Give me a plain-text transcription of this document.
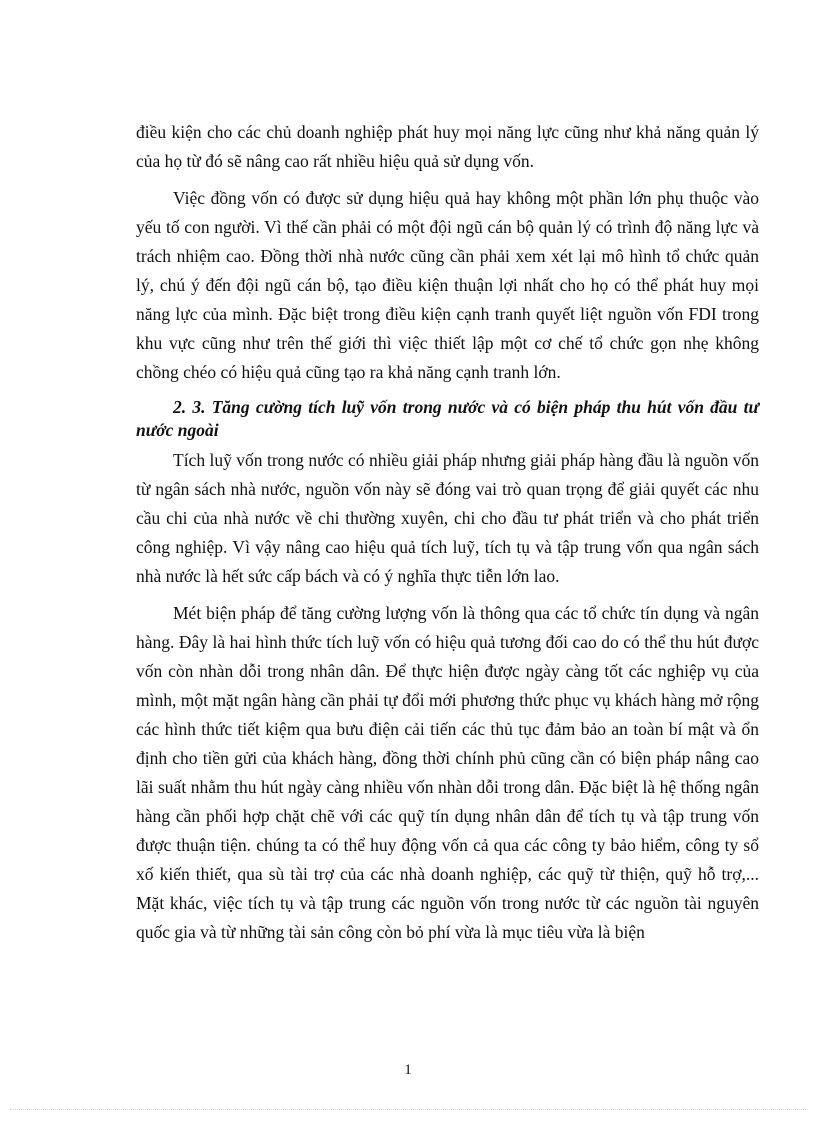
điều kiện cho các chủ doanh nghiệp phát huy mọi năng lực cũng như khả năng quản lý của họ từ đó sẽ nâng cao rất nhiều hiệu quả sử dụng vốn.

Việc đồng vốn có được sử dụng hiệu quả hay không một phần lớn phụ thuộc vào yếu tố con người. Vì thế cần phải có một đội ngũ cán bộ quản lý có trình độ năng lực và trách nhiệm cao. Đồng thời nhà nước cũng cần phải xem xét lại mô hình tổ chức quản lý, chú ý đến đội ngũ cán bộ, tạo điều kiện thuận lợi nhất cho họ có thể phát huy mọi năng lực của mình. Đặc biệt trong điều kiện cạnh tranh quyết liệt nguồn vốn FDI trong khu vực cũng như trên thế giới thì việc thiết lập một cơ chế tổ chức gọn nhẹ không chồng chéo có hiệu quả cũng tạo ra khả năng cạnh tranh lớn.

2. 3. Tăng cường tích luỹ vốn trong nước và có biện pháp thu hút vốn đầu tư nước ngoài

Tích luỹ vốn trong nước có nhiều giải pháp nhưng giải pháp hàng đầu là nguồn vốn từ ngân sách nhà nước, nguồn vốn này sẽ đóng vai trò quan trọng để giải quyết các nhu cầu chi của nhà nước về chi thường xuyên, chi cho đầu tư phát triển và cho phát triển công nghiệp. Vì vậy nâng cao hiệu quả tích luỹ, tích tụ và tập trung vốn qua ngân sách nhà nước là hết sức cấp bách và có ý nghĩa thực tiễn lớn lao.

Mét biện pháp để tăng cường lượng vốn là thông qua các tổ chức tín dụng và ngân hàng. Đây là hai hình thức tích luỹ vốn có hiệu quả tương đối cao do có thể thu hút được vốn còn nhàn dỗi trong nhân dân. Để thực hiện được ngày càng tốt các nghiệp vụ của mình, một mặt ngân hàng cần phải tự đổi mới phương thức phục vụ khách hàng mở rộng các hình thức tiết kiệm qua bưu điện cải tiến các thủ tục đảm bảo an toàn bí mật và ổn định cho tiền gửi của khách hàng, đồng thời chính phủ cũng cần có biện pháp nâng cao lãi suất nhằm thu hút ngày càng nhiều vốn nhàn dỗi trong dân. Đặc biệt là hệ thống ngân hàng cần phối hợp chặt chẽ với các quỹ tín dụng nhân dân để tích tụ và tập trung vốn được thuận tiện. chúng ta có thể huy động vốn cả qua các công ty bảo hiểm, công ty sổ xố kiến thiết, qua sù tài trợ của các nhà doanh nghiệp, các quỹ từ thiện, quỹ hỗ trợ,... Mặt khác, việc tích tụ và tập trung các nguồn vốn trong nước từ các nguồn tài nguyên quốc gia và từ những tài sản công còn bỏ phí vừa là mục tiêu vừa là biện

1
